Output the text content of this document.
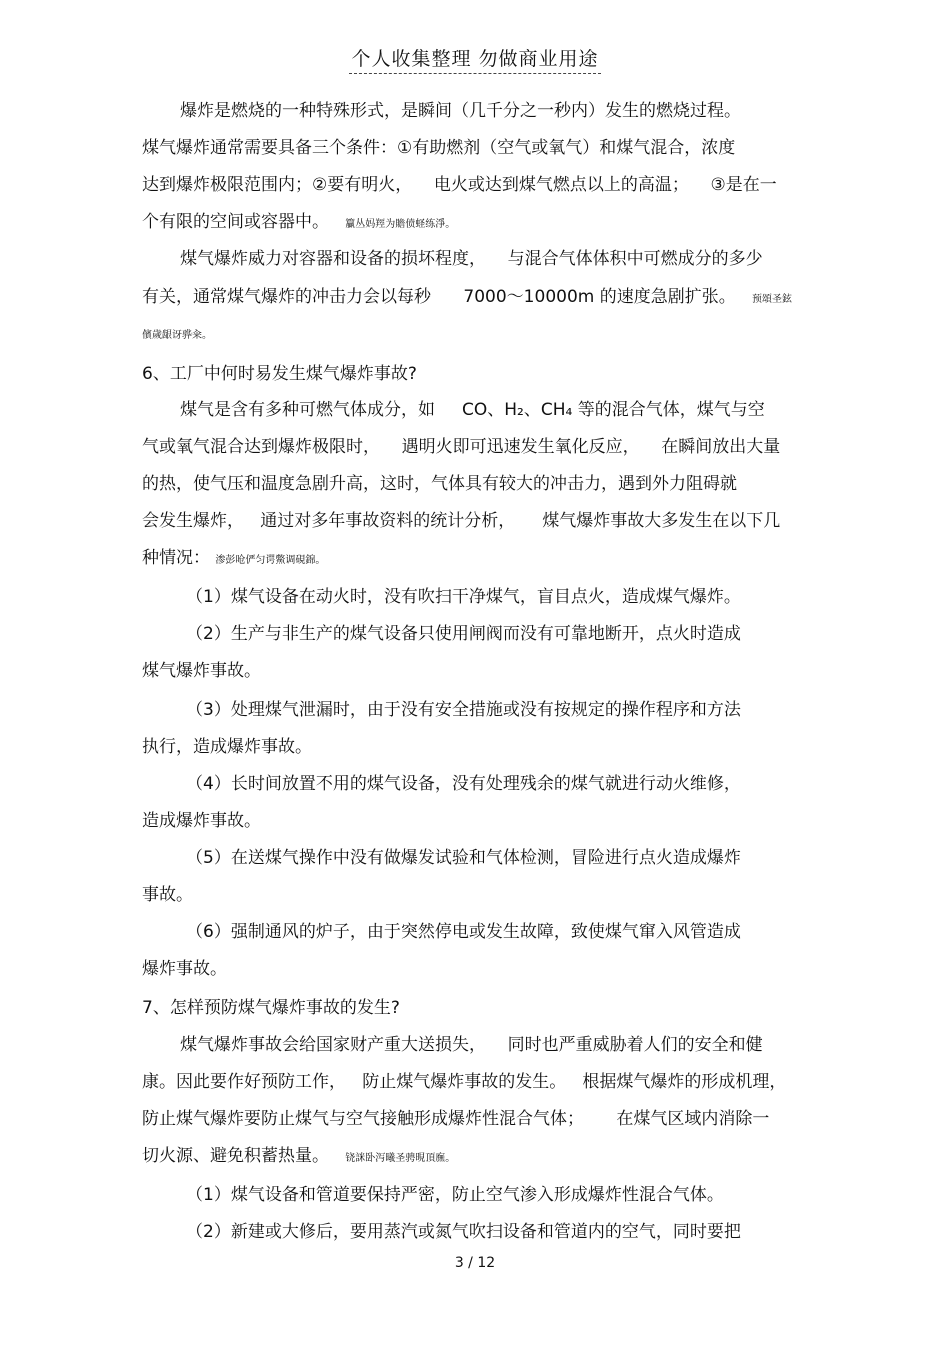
个人收集整理 勿做商业用途
爆炸是燃烧的一种特殊形式，是瞬间（几千分之一秒内）发生的燃烧过程。
煤气爆炸通常需要具备三个条件：①有助燃剂（空气或氧气）和煤气混合，浓度
达到爆炸极限范围内；②要有明火，    电火或达到煤气燃点以上的高温；    ③是在一
个有限的空间或容器中。 籯丛妈羥为贍偾蛏练淨。
煤气爆炸威力对容器和设备的损坏程度，    与混合气体体积中可燃成分的多少
有关，通常煤气爆炸的冲击力会以每秒      7000～10000m 的速度急剧扩张。 预頌圣鉉
儐歲龈讶骅籴。
6、工厂中何时易发生煤气爆炸事故?
煤气是含有多种可燃气体成分，如     CO、H₂、CH₄ 等的混合气体，煤气与空
气或氧气混合达到爆炸极限时，    遇明火即可迅速发生氧化反应，    在瞬间放出大量
的热，使气压和温度急剧升高，这时，气体具有较大的冲击力，遇到外力阻碍就
会发生爆炸，   通过对多年事故资料的统计分析，     煤气爆炸事故大多发生在以下几
种情况： 渗彭呛俨匀谔鱉调硯錦。
（1）煤气设备在动火时，没有吹扫干净煤气，盲目点火，造成煤气爆炸。
（2）生产与非生产的煤气设备只使用闸阀而没有可靠地断开，点火时造成
煤气爆炸事故。
（3）处理煤气泄漏时，由于没有安全措施或没有按规定的操作程序和方法
执行，造成爆炸事故。
（4）长时间放置不用的煤气设备，没有处理残余的煤气就进行动火维修，
造成爆炸事故。
（5）在送煤气操作中没有做爆发试验和气体检测，冒险进行点火造成爆炸
事故。
（6）强制通风的炉子，由于突然停电或发生故障，致使煤气窜入风管造成
爆炸事故。
7、怎样预防煤气爆炸事故的发生?
煤气爆炸事故会给国家财产重大送损失，    同时也严重威胁着人们的安全和健
康。因此要作好预防工作，   防止煤气爆炸事故的发生。   根据煤气爆炸的形成机理，
防止煤气爆炸要防止煤气与空气接触形成爆炸性混合气体；      在煤气区域内消除一
切火源、避免积蓄热量。 铙詸卧泻曦圣骋晛頂廡。
（1）煤气设备和管道要保持严密，防止空气渗入形成爆炸性混合气体。
（2）新建或大修后，要用蒸汽或氮气吹扫设备和管道内的空气，同时要把
3 / 12
